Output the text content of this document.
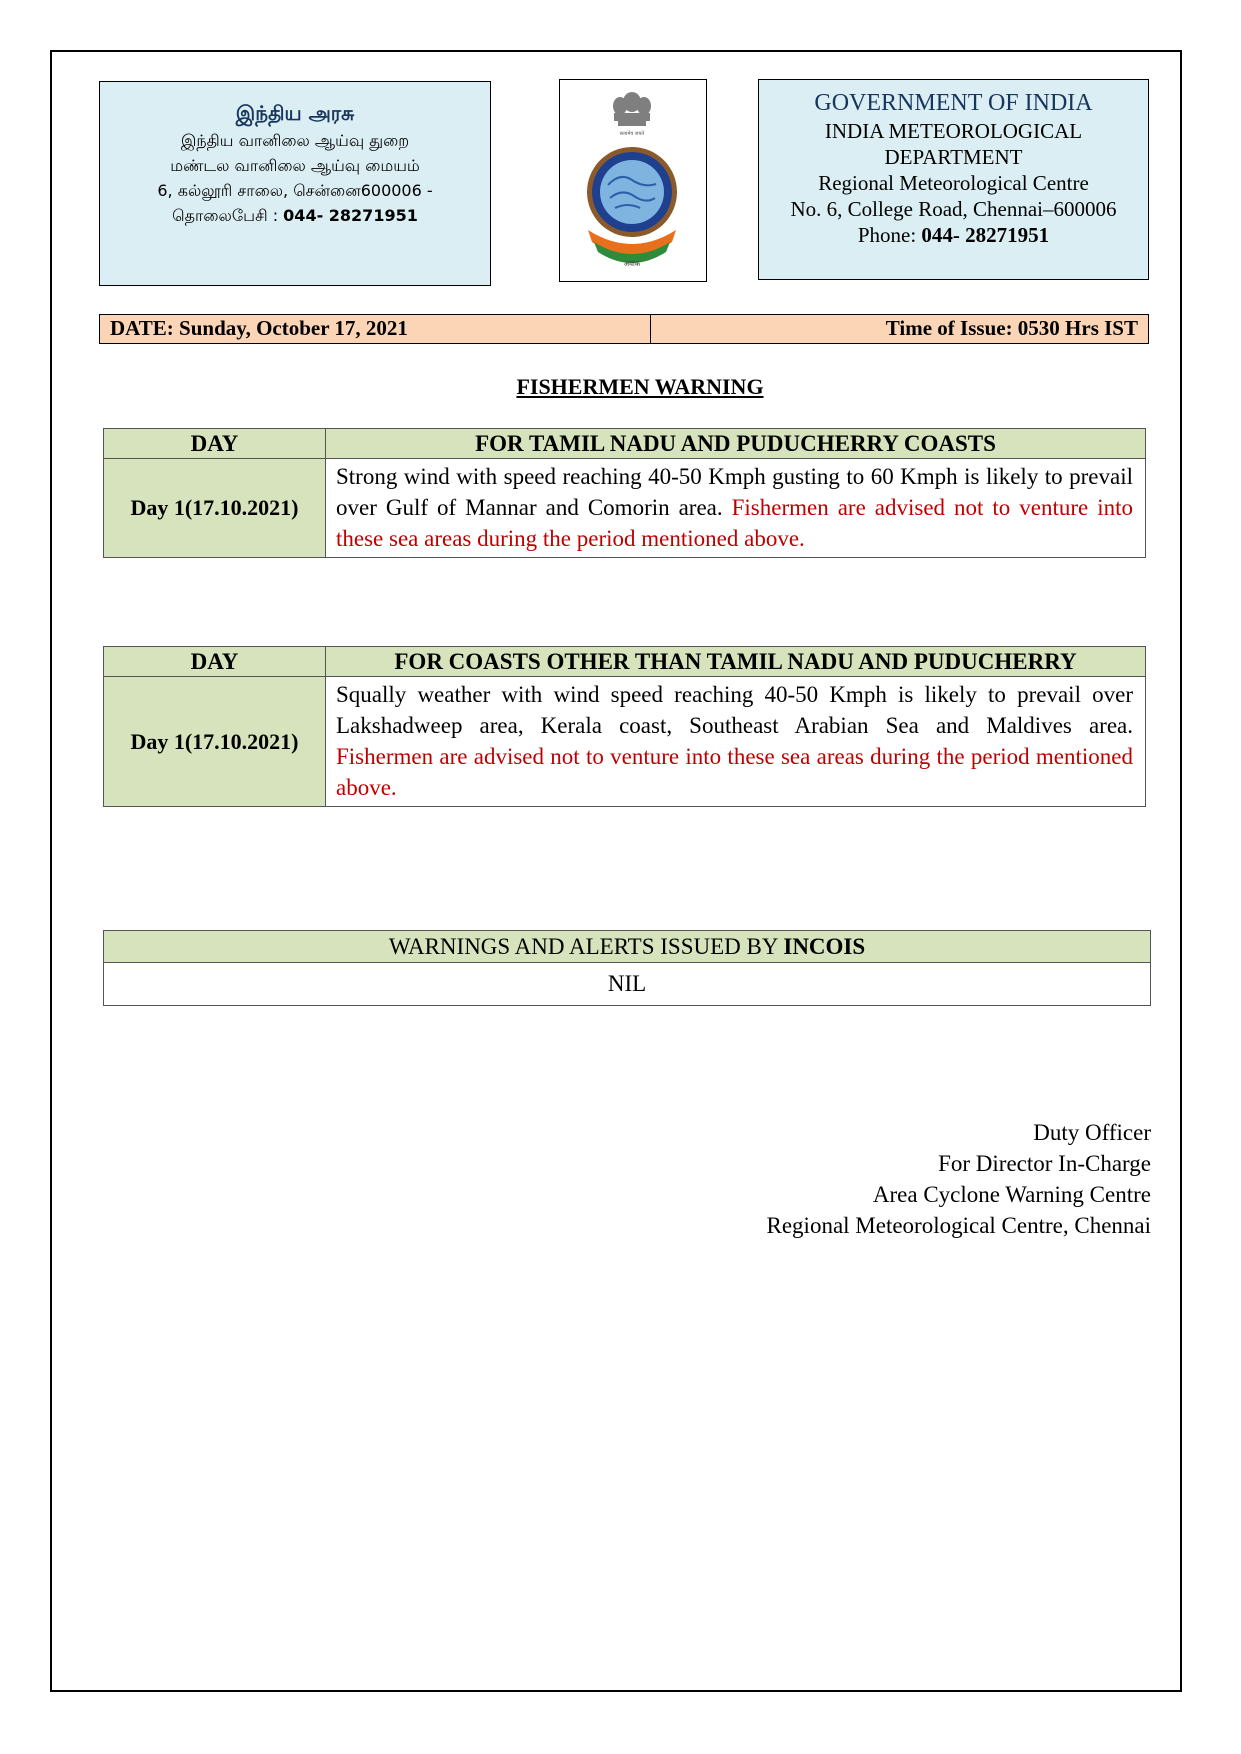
இந்திய அரசு
இந்திய வானிலை ஆய்வு துறை
மண்டல வானிலை ஆய்வு மையம்
6, கல்லூரி சாலை, சென்னை600006 -
தொலைபேசி : 044- 28271951
सत्यमेव जयते
अवाक
GOVERNMENT OF INDIA
INDIA METEOROLOGICAL
DEPARTMENT
Regional Meteorological Centre
No. 6, College Road, Chennai–600006
Phone: 044- 28271951
DATE: Sunday, October 17, 2021	Time of Issue: 0530 Hrs IST
FISHERMEN WARNING
DAY	FOR TAMIL NADU AND PUDUCHERRY COASTS
Day 1(17.10.2021)	Strong wind with speed reaching 40-50 Kmph gusting to 60 Kmph is likely to prevail over Gulf of Mannar and Comorin area. Fishermen are advised not to venture into these sea areas during the period mentioned above.
DAY	FOR COASTS OTHER THAN TAMIL NADU AND PUDUCHERRY
Day 1(17.10.2021)	Squally weather with wind speed reaching 40-50 Kmph is likely to prevail over Lakshadweep area, Kerala coast, Southeast Arabian Sea and Maldives area. Fishermen are advised not to venture into these sea areas during the period mentioned above.
WARNINGS AND ALERTS ISSUED BY INCOIS
NIL
Duty Officer
For Director In-Charge
Area Cyclone Warning Centre
Regional Meteorological Centre, Chennai
